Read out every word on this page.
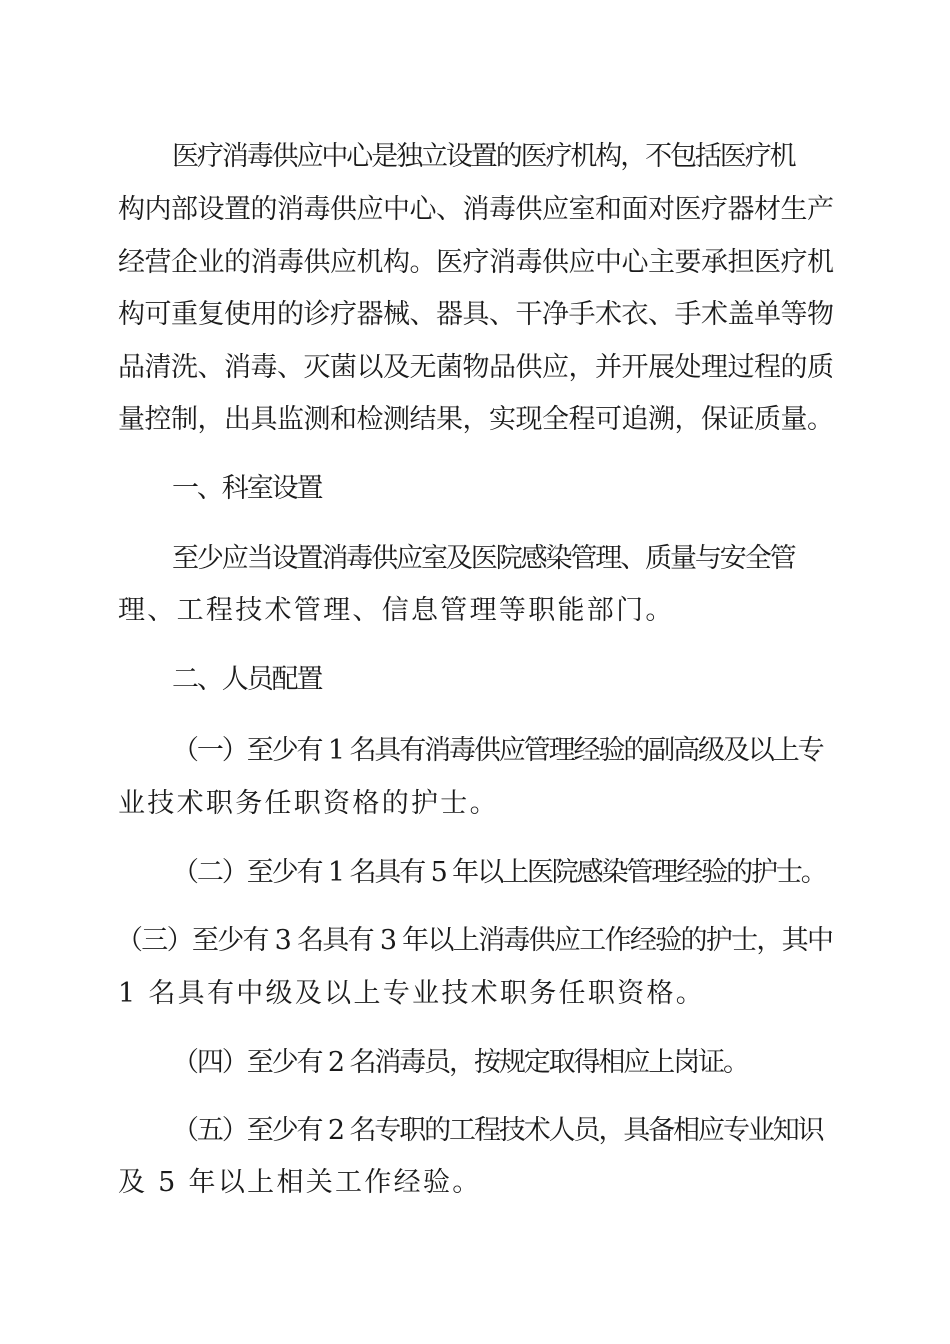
医疗消毒供应中心是独立设置的医疗机构，不包括医疗机
构内部设置的消毒供应中心、消毒供应室和面对医疗器材生产
经营企业的消毒供应机构。医疗消毒供应中心主要承担医疗机
构可重复使用的诊疗器械、器具、干净手术衣、手术盖单等物
品清洗、消毒、灭菌以及无菌物品供应，并开展处理过程的质
量控制，出具监测和检测结果，实现全程可追溯，保证质量。
一、科室设置
至少应当设置消毒供应室及医院感染管理、质量与安全管
理、工程技术管理、信息管理等职能部门。
二、人员配置
（一）至少有 1 名具有消毒供应管理经验的副高级及以上专
业技术职务任职资格的护士。
（二）至少有 1 名具有 5 年以上医院感染管理经验的护士。
（三）至少有 3 名具有 3 年以上消毒供应工作经验的护士，其中
1 名具有中级及以上专业技术职务任职资格。
（四）至少有 2 名消毒员，按规定取得相应上岗证。
（五）至少有 2 名专职的工程技术人员，具备相应专业知识
及 5 年以上相关工作经验。
